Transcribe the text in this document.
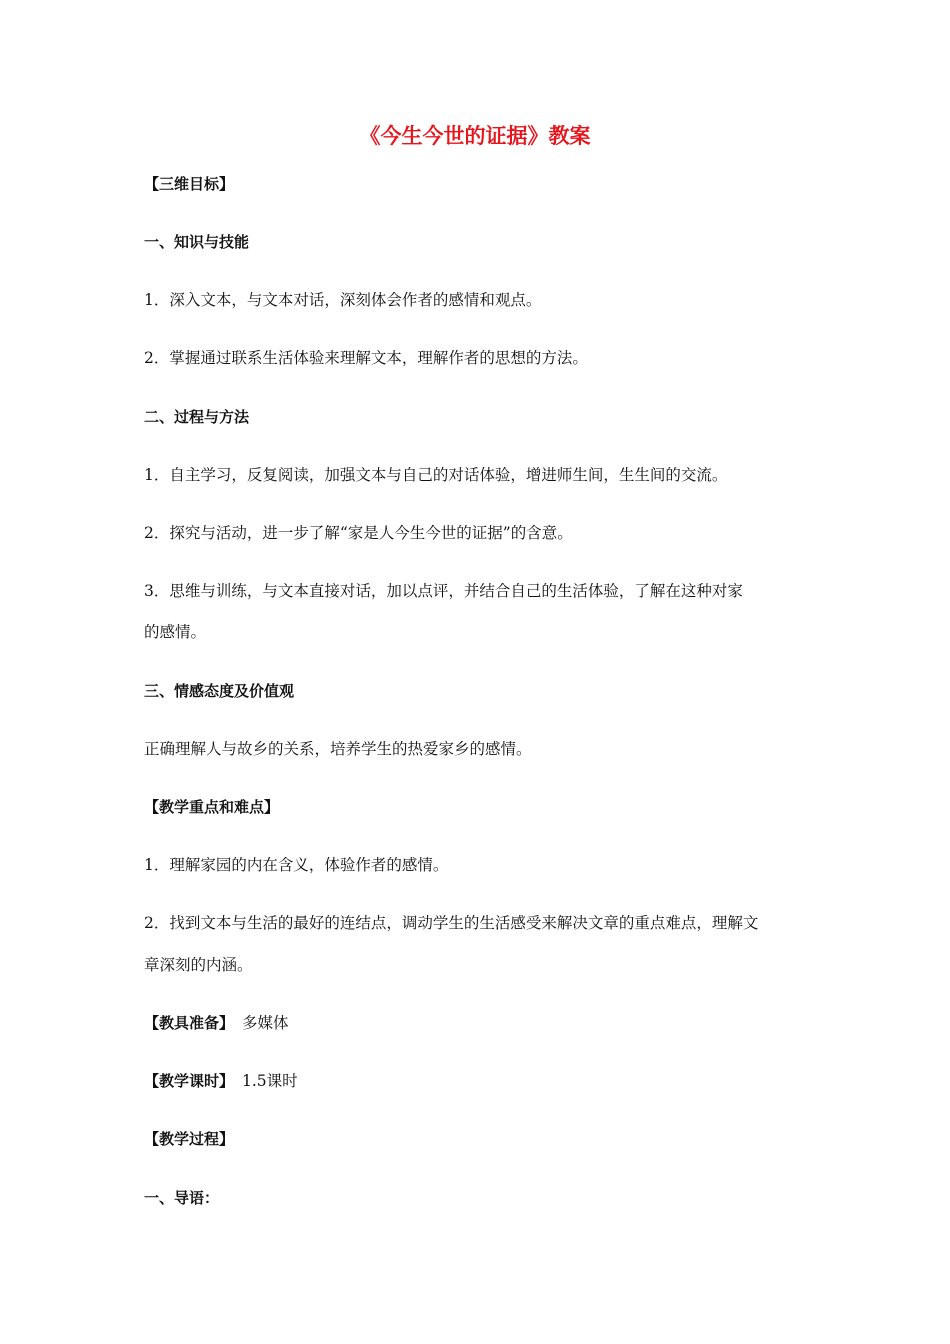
《今生今世的证据》教案
【三维目标】
一、知识与技能
1．深入文本，与文本对话，深刻体会作者的感情和观点。
2．掌握通过联系生活体验来理解文本，理解作者的思想的方法。
二、过程与方法
1．自主学习，反复阅读，加强文本与自己的对话体验，增进师生间，生生间的交流。
2．探究与活动，进一步了解“家是人今生今世的证据”的含意。
3．思维与训练，与文本直接对话，加以点评，并结合自己的生活体验，了解在这种对家
的感情。
三、情感态度及价值观
正确理解人与故乡的关系，培养学生的热爱家乡的感情。
【教学重点和难点】
1．理解家园的内在含义，体验作者的感情。
2．找到文本与生活的最好的连结点，调动学生的生活感受来解决文章的重点难点，理解文
章深刻的内涵。
【教具准备】 多媒体
【教学课时】 1.5课时
【教学过程】
一、导语：
